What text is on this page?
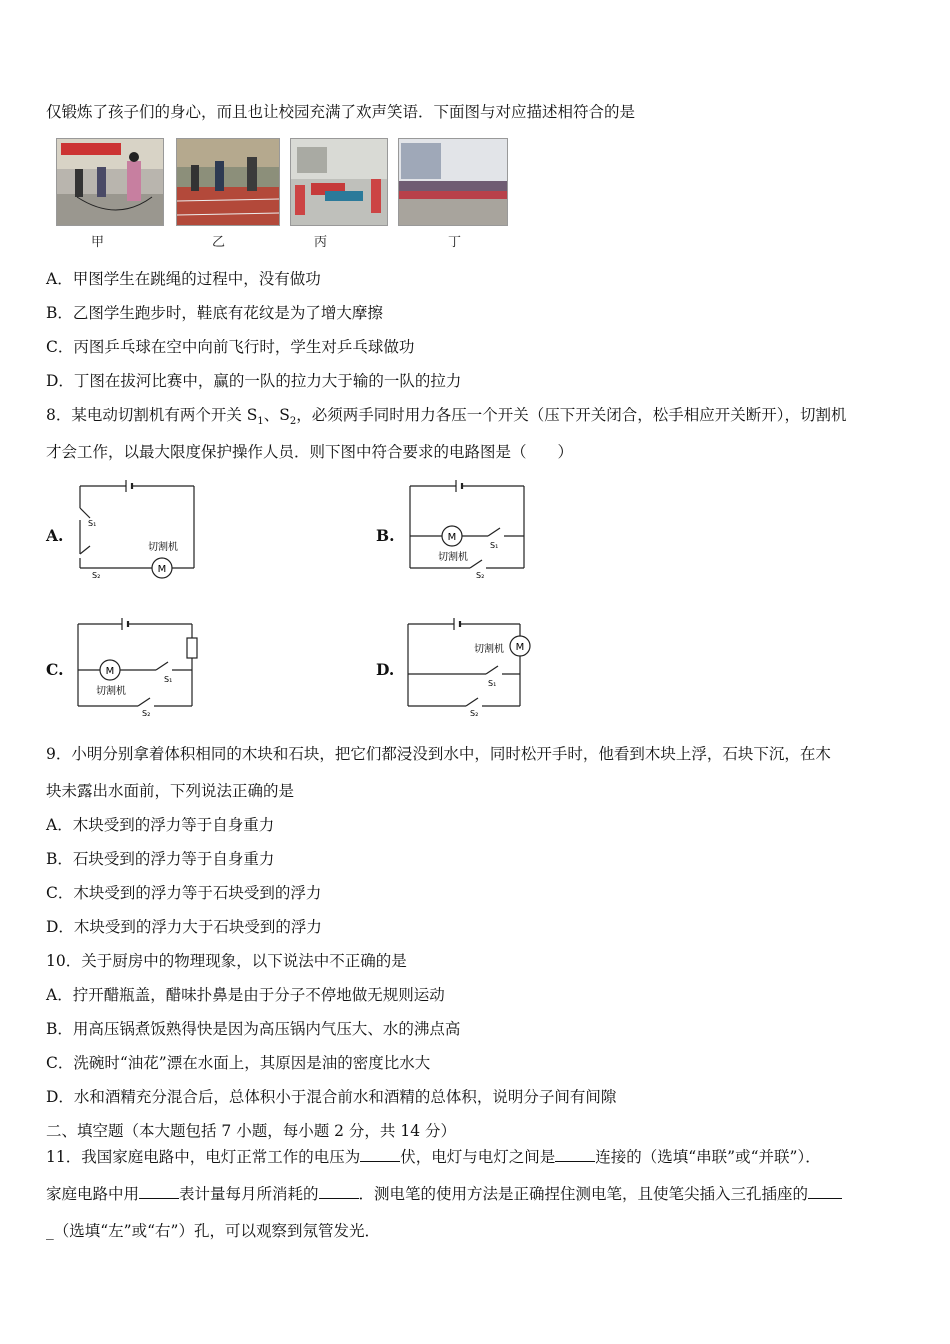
仅锻炼了孩子们的身心，而且也让校园充满了欢声笑语．下面图与对应描述相符合的是
甲	乙	丙	丁
A．甲图学生在跳绳的过程中，没有做功
B．乙图学生跑步时，鞋底有花纹是为了增大摩擦
C．丙图乒乓球在空中向前飞行时，学生对乒乓球做功
D．丁图在拔河比赛中，赢的一队的拉力大于输的一队的拉力
8．某电动切割机有两个开关 $S_1$、$S_2$，必须两手同时用力各压一个开关（压下开关闭合，松手相应开关断开），切割机
才会工作，以最大限度保护操作人员．则下图中符合要求的电路图是（　　）
A.	B.
C.	D.
M
切割机
S₁
S₂
M
切割机
S₁
S₂
M
切割机
S₁
S₂
M
切割机
S₁
S₂
9．小明分别拿着体积相同的木块和石块，把它们都浸没到水中，同时松开手时，他看到木块上浮，石块下沉，在木
块未露出水面前，下列说法正确的是
A．木块受到的浮力等于自身重力
B．石块受到的浮力等于自身重力
C．木块受到的浮力等于石块受到的浮力
D．木块受到的浮力大于石块受到的浮力
10．关于厨房中的物理现象，以下说法中不正确的是
A．拧开醋瓶盖，醋味扑鼻是由于分子不停地做无规则运动
B．用高压锅煮饭熟得快是因为高压锅内气压大、水的沸点高
C．洗碗时“油花”漂在水面上，其原因是油的密度比水大
D．水和酒精充分混合后，总体积小于混合前水和酒精的总体积，说明分子间有间隙
二、填空题（本大题包括 7 小题，每小题 2 分，共 14 分）
11．我国家庭电路中，电灯正常工作的电压为	伏，电灯与电灯之间是	连接的（选填“串联”或“并联”）．
家庭电路中用	表计量每月所消耗的	．测电笔的使用方法是正确捏住测电笔，且使笔尖插入三孔插座的
_（选填“左”或“右”）孔，可以观察到氖管发光．
